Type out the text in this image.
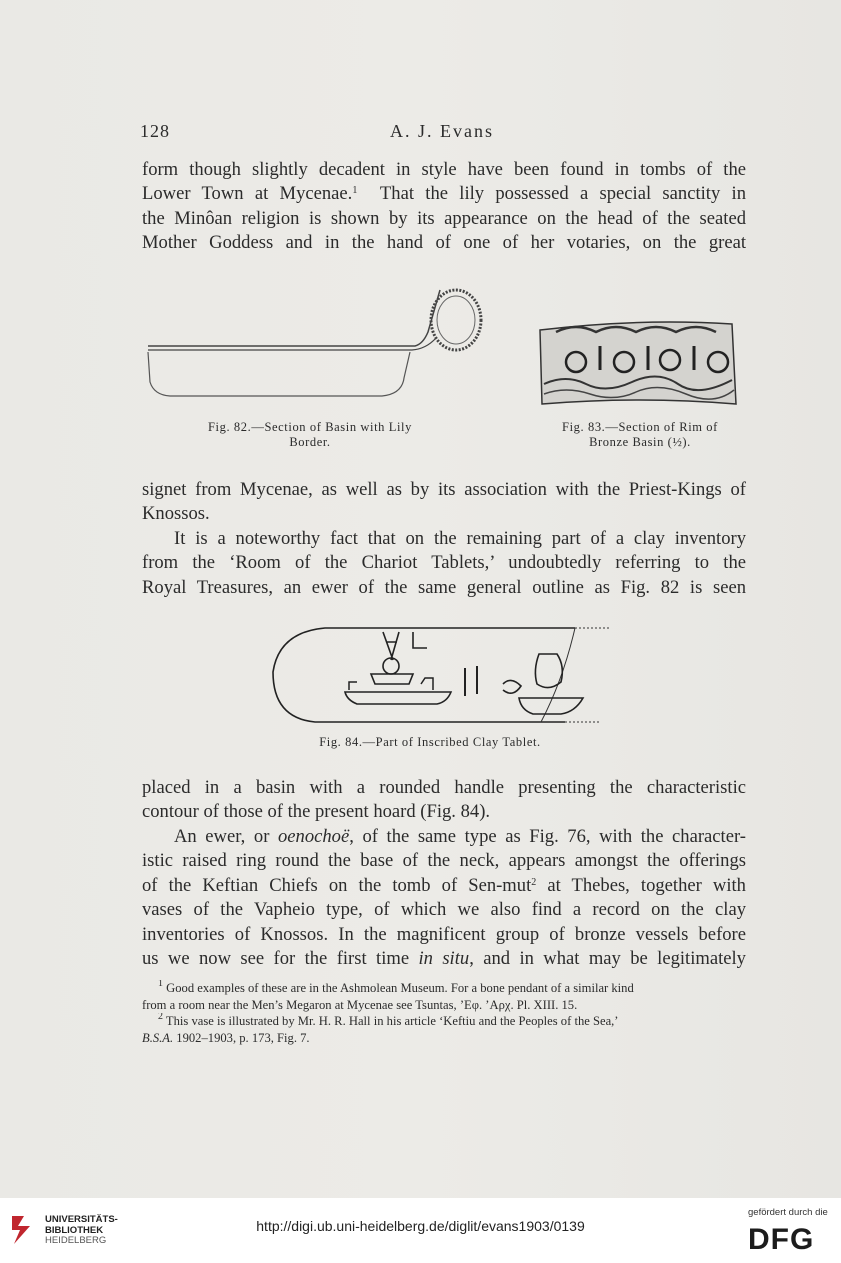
128	A. J. Evans
form though slightly decadent in style have been found in tombs of the
Lower Town at Mycenae.$^1$ That the lily possessed a special sanctity in
the Minôan religion is shown by its appearance on the head of the seated
Mother Goddess and in the hand of one of her votaries, on the great
Fig. 82.—Section of Basin with Lily
Border.
Fig. 83.—Section of Rim of
Bronze Basin (½).
signet from Mycenae, as well as by its association with the Priest-Kings of
Knossos.
It is a noteworthy fact that on the remaining part of a clay inventory
from the ‘Room of the Chariot Tablets,’ undoubtedly referring to the
Royal Treasures, an ewer of the same general outline as Fig. 82 is seen
Fig. 84.—Part of Inscribed Clay Tablet.
placed in a basin with a rounded handle presenting the characteristic
contour of those of the present hoard (Fig. 84).
An ewer, or oenochoë, of the same type as Fig. 76, with the character-
istic raised ring round the base of the neck, appears amongst the offerings
of the Keftian Chiefs on the tomb of Sen-mut$^2$ at Thebes, together with
vases of the Vapheio type, of which we also find a record on the clay
inventories of Knossos. In the magnificent group of bronze vessels before
us we now see for the first time in situ, and in what may be legitimately
$^1$ Good examples of these are in the Ashmolean Museum. For a bone pendant of a similar kind
from a room near the Men’s Megaron at Mycenae see Tsuntas, ’Εφ. ’Αρχ. Pl. XIII. 15.
$^2$ This vase is illustrated by Mr. H. R. Hall in his article ‘Keftiu and the Peoples of the Sea,’
B.S.A. 1902–1903, p. 173, Fig. 7.
UNIVERSITÄTS-
BIBLIOTHEK
HEIDELBERG
http://digi.ub.uni-heidelberg.de/diglit/evans1903/0139
gefördert durch die
DFG
